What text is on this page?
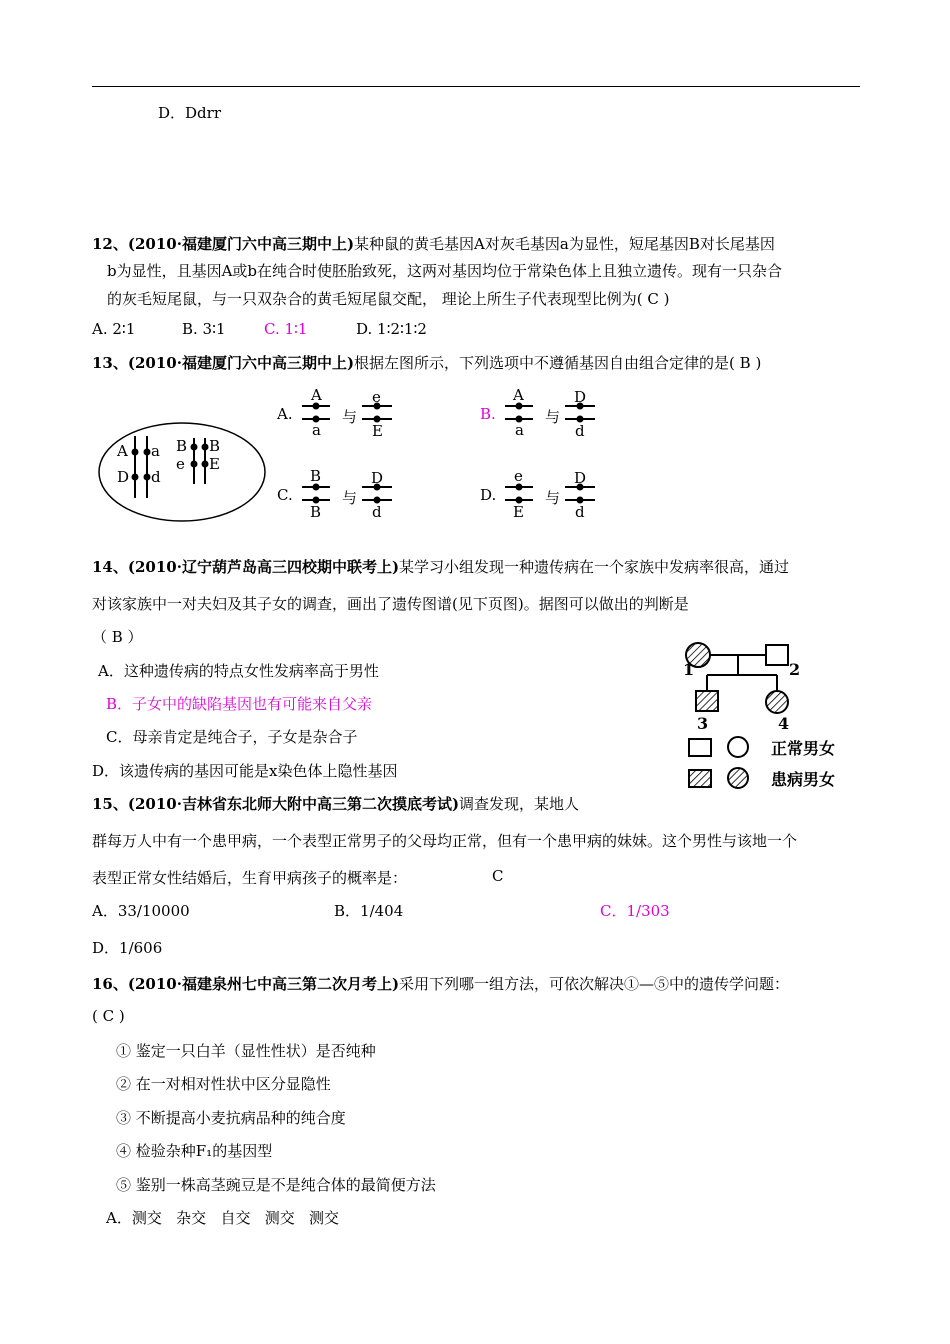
D．Ddrr
12、(2010·福建厦门六中高三期中上)某种鼠的黄毛基因A对灰毛基因a为显性，短尾基因B对长尾基因
b为显性，且基因A或b在纯合时使胚胎致死，这两对基因均位于常染色体上且独立遗传。现有一只杂合
的灰毛短尾鼠，与一只双杂合的黄毛短尾鼠交配， 理论上所生子代表现型比例为( C )
A. 2∶1	B. 3∶1	C. 1∶1	D. 1∶2∶1∶2
13、(2010·福建厦门六中高三期中上)根据左图所示，下列选项中不遵循基因自由组合定律的是( B )
A a
D d
B B
e E
A.	B.
C.	D.
与	与
与	与
A
a
e
E
A
a
D
d
B
B
D
d
e
E
D
d
14、(2010·辽宁葫芦岛高三四校期中联考上)某学习小组发现一种遗传病在一个家族中发病率很高，通过
对该家族中一对夫妇及其子女的调查，画出了遗传图谱(见下页图)。据图可以做出的判断是
（ B ）
A．这种遗传病的特点女性发病率高于男性
B．子女中的缺陷基因也有可能来自父亲
C．母亲肯定是纯合子，子女是杂合子
D．该遗传病的基因可能是x染色体上隐性基因
1	2
3	4
正常男女
患病男女
15、(2010·吉林省东北师大附中高三第二次摸底考试)调查发现，某地人
群每万人中有一个患甲病，一个表型正常男子的父母均正常，但有一个患甲病的妹妹。这个男性与该地一个
表型正常女性结婚后，生育甲病孩子的概率是：	C
A．33/10000	B．1/404	C．1/303
D．1/606
16、(2010·福建泉州七中高三第二次月考上)采用下列哪一组方法，可依次解决①—⑤中的遗传学问题：
( C )
① 鉴定一只白羊（显性性状）是否纯种
② 在一对相对性状中区分显隐性
③ 不断提高小麦抗病品种的纯合度
④ 检验杂种F₁的基因型
⑤ 鉴别一株高茎豌豆是不是纯合体的最简便方法
A．测交   杂交   自交   测交   测交
